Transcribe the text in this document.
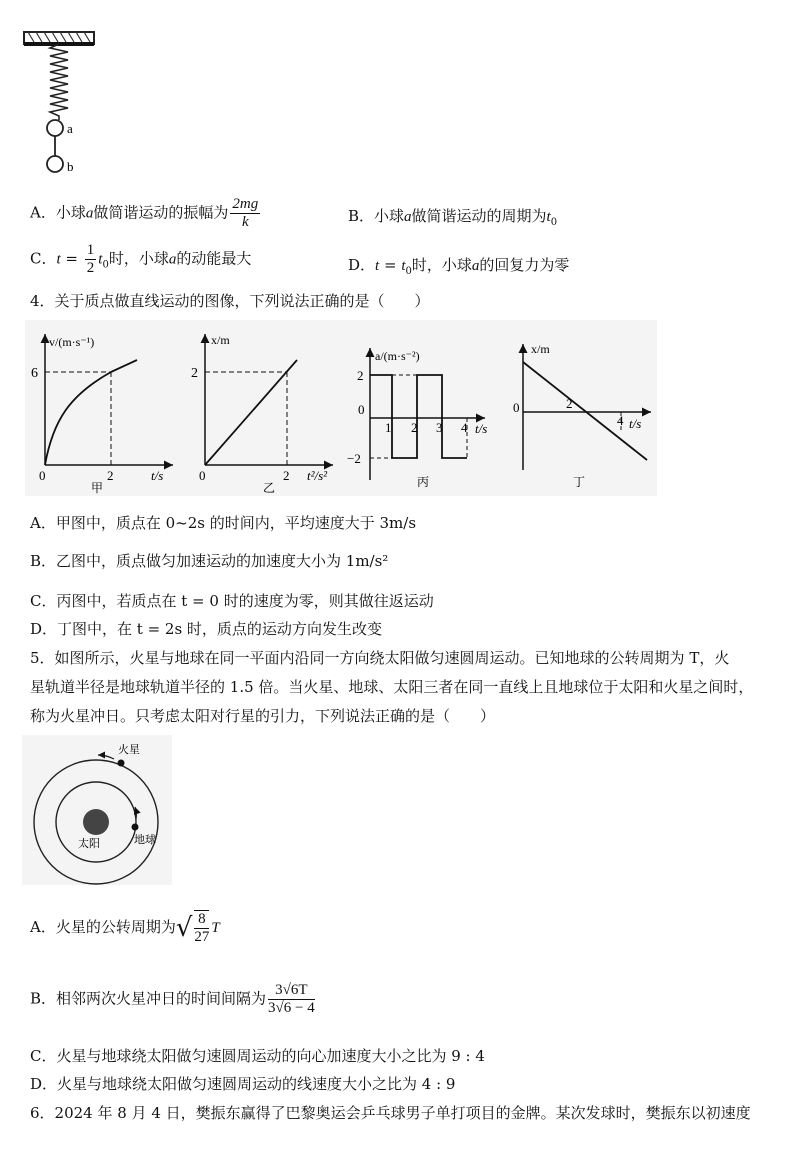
a
b
A．小球a做简谐运动的振幅为 $\frac{2mg}{k}$	B．小球a做简谐运动的周期为$t_0$
C．$t = \frac{1}{2} t_0$时，小球a的动能最大	D．$t = t_0$时，小球a的回复力为零
4．关于质点做直线运动的图像，下列说法正确的是（　　）
v/(m·s⁻¹)
6
0	2	t/s
甲
x/m
2
0	2 t²/s²
乙
a/(m·s⁻²)
2
−2
0
1 2 3 4 t/s
丙
x/m
0	2
4 t/s
丁
A．甲图中，质点在 0~2s 的时间内，平均速度大于 3m/s
B．乙图中，质点做匀加速运动的加速度大小为 1m/s²
C．丙图中，若质点在 t = 0 时的速度为零，则其做往返运动
D．丁图中，在 t = 2s 时，质点的运动方向发生改变
5．如图所示，火星与地球在同一平面内沿同一方向绕太阳做匀速圆周运动。已知地球的公转周期为 T，火
星轨道半径是地球轨道半径的 1.5 倍。当火星、地球、太阳三者在同一直线上且地球位于太阳和火星之间时，
称为火星冲日。只考虑太阳对行星的引力，下列说法正确的是（　　）
火星
太阳	地球
A．火星的公转周期为√ $\frac{8}{27}$ T
B．相邻两次火星冲日的时间间隔为 $\frac{3√6T}{3√6 - 4}$
C．火星与地球绕太阳做匀速圆周运动的向心加速度大小之比为 9 : 4
D．火星与地球绕太阳做匀速圆周运动的线速度大小之比为 4 : 9
6．2024 年 8 月 4 日，樊振东赢得了巴黎奥运会乒乓球男子单打项目的金牌。某次发球时，樊振东以初速度
